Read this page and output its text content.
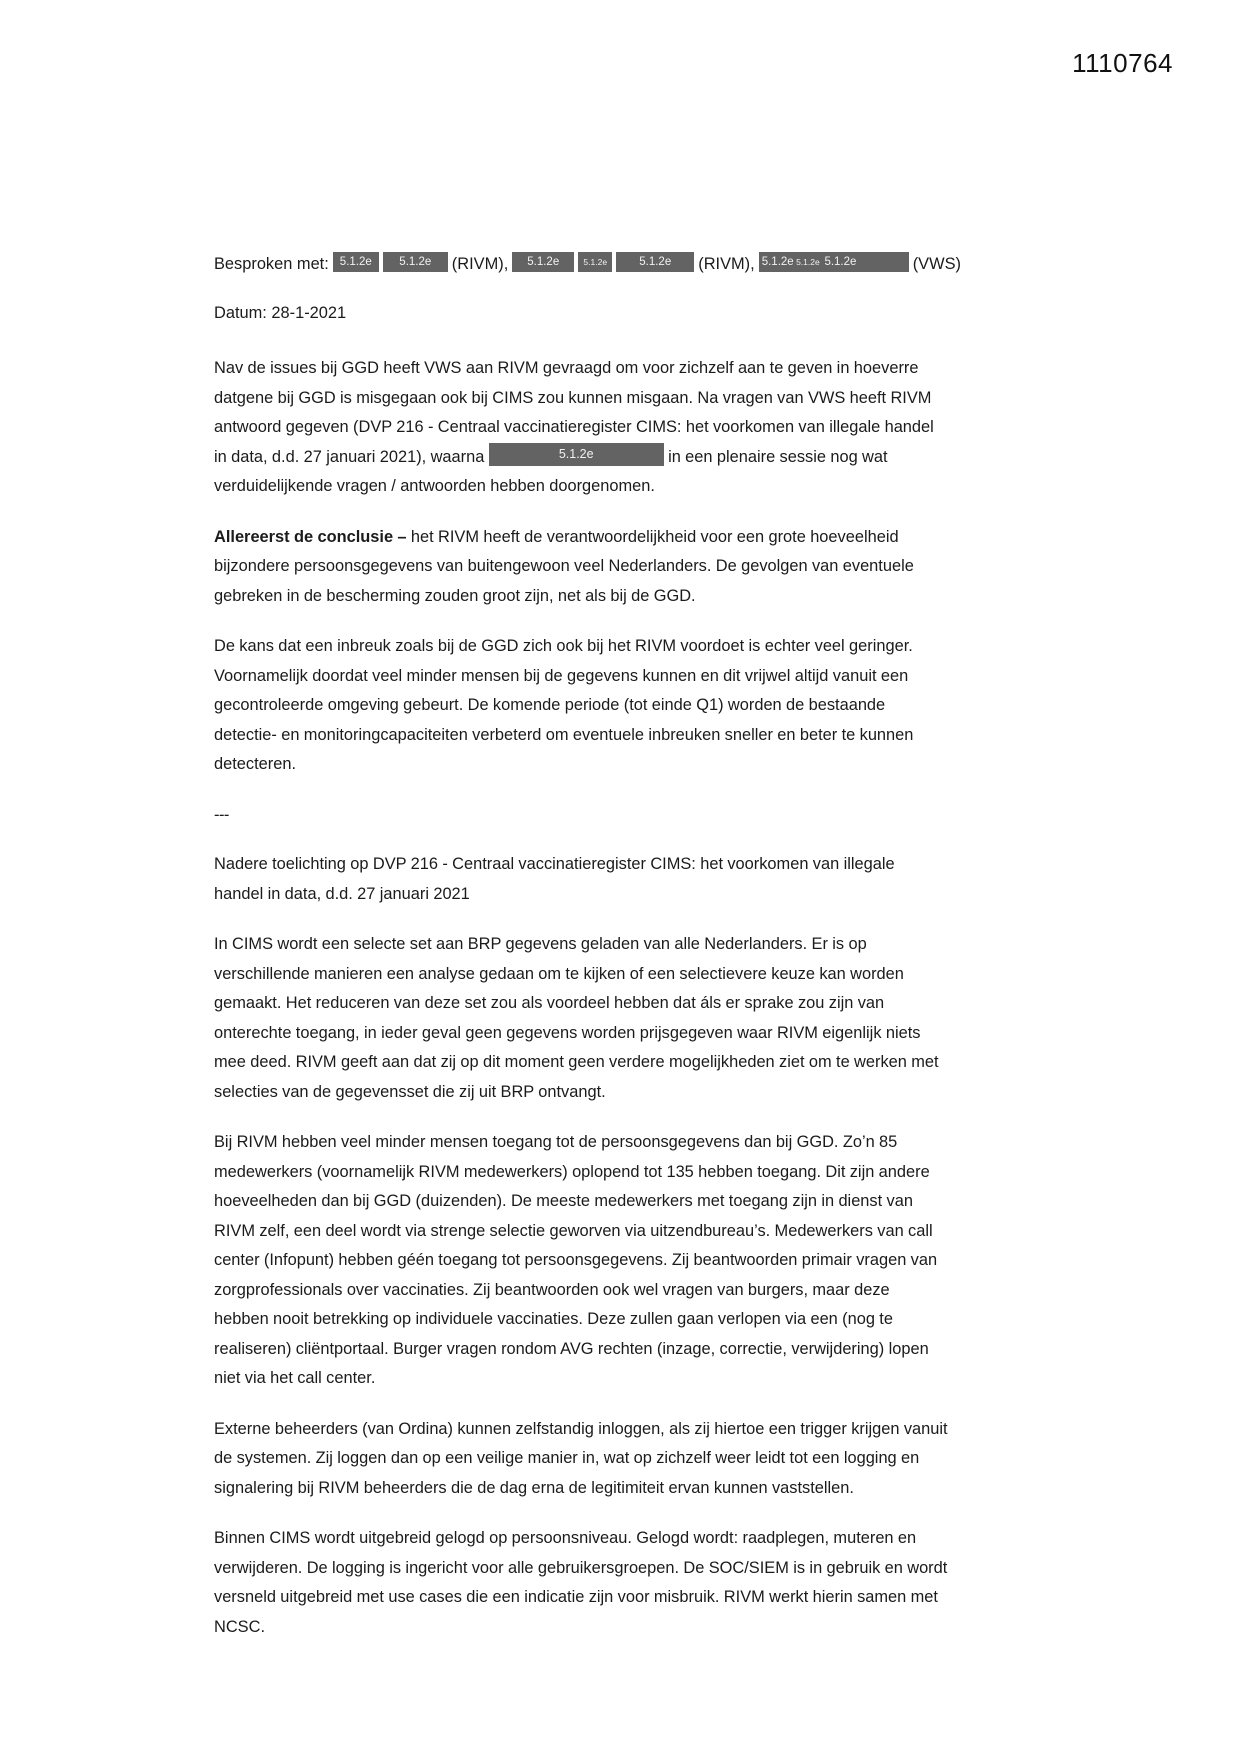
1110764
Besproken met: 5.1.2e 5.1.2e (RIVM), 5.1.2e	5.1.2e	5.1.2e (RIVM), 5.1.2e 5.1.2e 5.1.2e	(VWS)
Datum: 28-1-2021

Nav de issues bij GGD heeft VWS aan RIVM gevraagd om voor zichzelf aan te geven in hoeverre datgene bij GGD is misgegaan ook bij CIMS zou kunnen misgaan. Na vragen van VWS heeft RIVM antwoord gegeven (DVP 216 - Centraal vaccinatieregister CIMS: het voorkomen van illegale handel in data, d.d. 27 januari 2021), waarna	5.1.2e	in een plenaire sessie nog wat verduidelijkende vragen / antwoorden hebben doorgenomen.

Allereerst de conclusie – het RIVM heeft de verantwoordelijkheid voor een grote hoeveelheid bijzondere persoonsgegevens van buitengewoon veel Nederlanders. De gevolgen van eventuele gebreken in de bescherming zouden groot zijn, net als bij de GGD.

De kans dat een inbreuk zoals bij de GGD zich ook bij het RIVM voordoet is echter veel geringer. Voornamelijk doordat veel minder mensen bij de gegevens kunnen en dit vrijwel altijd vanuit een gecontroleerde omgeving gebeurt. De komende periode (tot einde Q1) worden de bestaande detectie- en monitoringcapaciteiten verbeterd om eventuele inbreuken sneller en beter te kunnen detecteren.

---

Nadere toelichting op DVP 216 - Centraal vaccinatieregister CIMS: het voorkomen van illegale handel in data, d.d. 27 januari 2021

In CIMS wordt een selecte set aan BRP gegevens geladen van alle Nederlanders. Er is op verschillende manieren een analyse gedaan om te kijken of een selectievere keuze kan worden gemaakt. Het reduceren van deze set zou als voordeel hebben dat áls er sprake zou zijn van onterechte toegang, in ieder geval geen gegevens worden prijsgegeven waar RIVM eigenlijk niets mee deed. RIVM geeft aan dat zij op dit moment geen verdere mogelijkheden ziet om te werken met selecties van de gegevensset die zij uit BRP ontvangt.

Bij RIVM hebben veel minder mensen toegang tot de persoonsgegevens dan bij GGD. Zo’n 85 medewerkers (voornamelijk RIVM medewerkers) oplopend tot 135 hebben toegang. Dit zijn andere hoeveelheden dan bij GGD (duizenden). De meeste medewerkers met toegang zijn in dienst van RIVM zelf, een deel wordt via strenge selectie geworven via uitzendbureau’s. Medewerkers van call center (Infopunt) hebben géén toegang tot persoonsgegevens. Zij beantwoorden primair vragen van zorgprofessionals over vaccinaties. Zij beantwoorden ook wel vragen van burgers, maar deze hebben nooit betrekking op individuele vaccinaties. Deze zullen gaan verlopen via een (nog te realiseren) cliëntportaal. Burger vragen rondom AVG rechten (inzage, correctie, verwijdering) lopen niet via het call center.

Externe beheerders (van Ordina) kunnen zelfstandig inloggen, als zij hiertoe een trigger krijgen vanuit de systemen. Zij loggen dan op een veilige manier in, wat op zichzelf weer leidt tot een logging en signalering bij RIVM beheerders die de dag erna de legitimiteit ervan kunnen vaststellen.

Binnen CIMS wordt uitgebreid gelogd op persoonsniveau. Gelogd wordt: raadplegen, muteren en verwijderen. De logging is ingericht voor alle gebruikersgroepen. De SOC/SIEM is in gebruik en wordt versneld uitgebreid met use cases die een indicatie zijn voor misbruik. RIVM werkt hierin samen met NCSC.
